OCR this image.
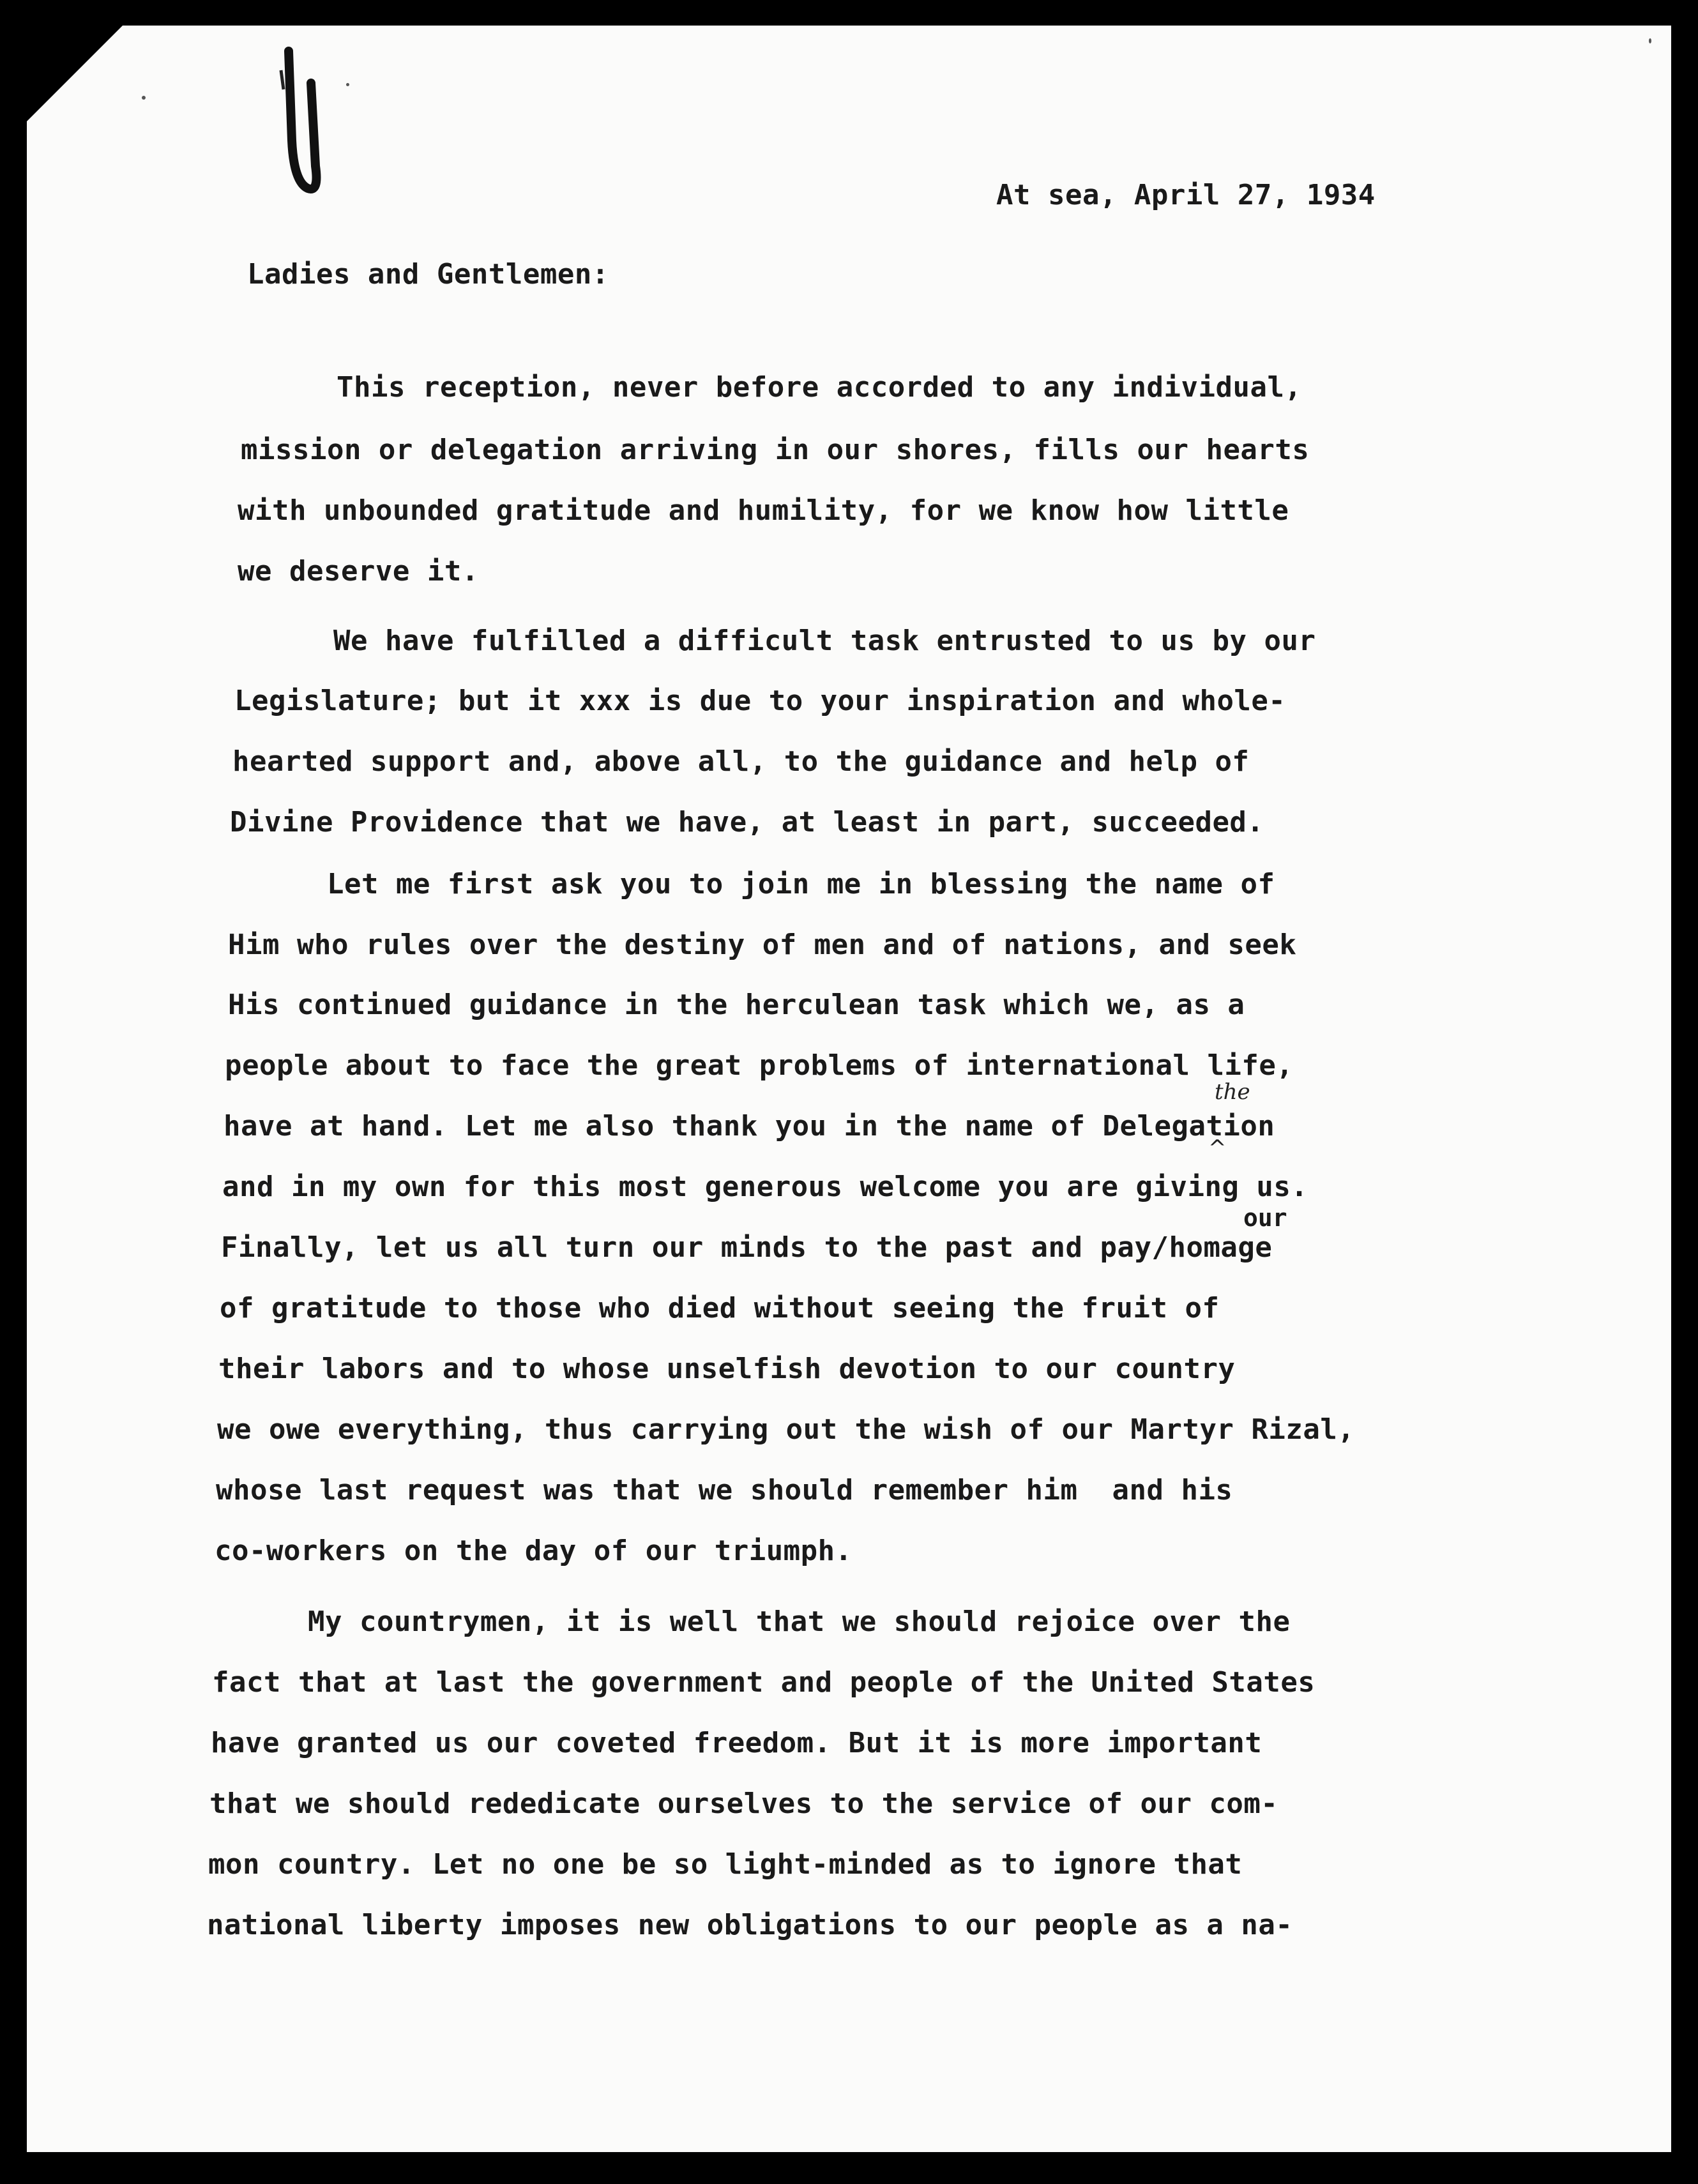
At sea, April 27, 1934
Ladies and Gentlemen:
This reception, never before accorded to any individual,
mission or delegation arriving in our shores, fills our hearts
with unbounded gratitude and humility, for we know how little
we deserve it.
We have fulfilled a difficult task entrusted to us by our
Legislature; but it xxx is due to your inspiration and whole-
hearted support and, above all, to the guidance and help of
Divine Providence that we have, at least in part, succeeded.
Let me first ask you to join me in blessing the name of
Him who rules over the destiny of men and of nations, and seek
His continued guidance in the herculean task which we, as a
people about to face the great problems of international life,
have at hand. Let me also thank you in the name of Delegation
and in my own for this most generous welcome you are giving us.
Finally, let us all turn our minds to the past and pay/homage
of gratitude to those who died without seeing the fruit of
their labors and to whose unselfish devotion to our country
we owe everything, thus carrying out the wish of our Martyr Rizal,
whose last request was that we should remember him  and his
co-workers on the day of our triumph.
My countrymen, it is well that we should rejoice over the
fact that at last the government and people of the United States
have granted us our coveted freedom. But it is more important
that we should rededicate ourselves to the service of our com-
mon country. Let no one be so light-minded as to ignore that
national liberty imposes new obligations to our people as a na-
the
^
our
